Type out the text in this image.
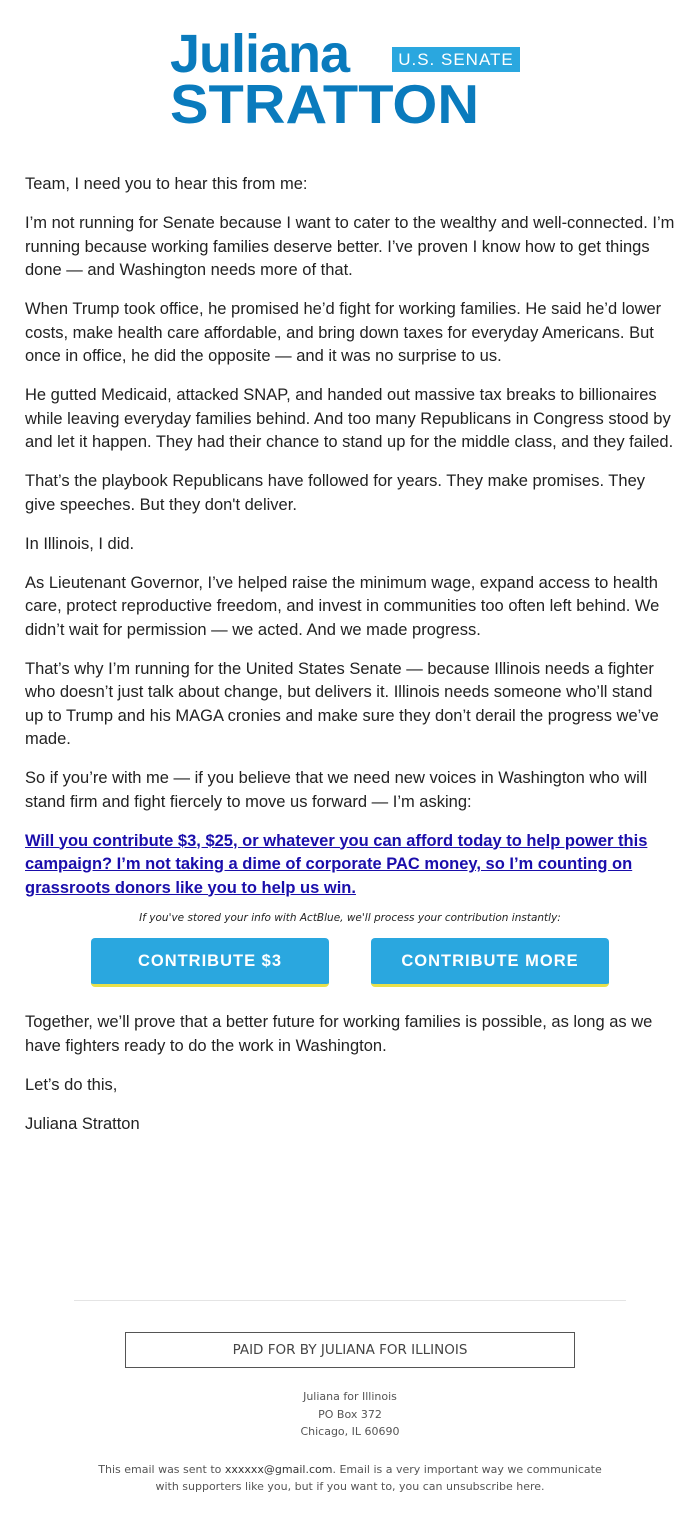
Juliana	U.S. SENATE
STRATTON

Team, I need you to hear this from me:

I’m not running for Senate because I want to cater to the wealthy and well-connected. I’m running because working families deserve better. I’ve proven I know how to get things done — and Washington needs more of that.

When Trump took office, he promised he’d fight for working families. He said he’d lower costs, make health care affordable, and bring down taxes for everyday Americans. But once in office, he did the opposite — and it was no surprise to us.

He gutted Medicaid, attacked SNAP, and handed out massive tax breaks to billionaires while leaving everyday families behind. And too many Republicans in Congress stood by and let it happen. They had their chance to stand up for the middle class, and they failed.

That’s the playbook Republicans have followed for years. They make promises. They give speeches. But they don't deliver.

In Illinois, I did.

As Lieutenant Governor, I’ve helped raise the minimum wage, expand access to health care, protect reproductive freedom, and invest in communities too often left behind. We didn’t wait for permission — we acted. And we made progress.

That’s why I’m running for the United States Senate — because Illinois needs a fighter who doesn’t just talk about change, but delivers it. Illinois needs someone who’ll stand up to Trump and his MAGA cronies and make sure they don’t derail the progress we’ve made.

So if you’re with me — if you believe that we need new voices in Washington who will stand firm and fight fiercely to move us forward — I’m asking:

Will you contribute $3, $25, or whatever you can afford today to help power this campaign? I’m not taking a dime of corporate PAC money, so I’m counting on grassroots donors like you to help us win.
If you've stored your info with ActBlue, we'll process your contribution instantly:
CONTRIBUTE $3	CONTRIBUTE MORE

Together, we’ll prove that a better future for working families is possible, as long as we have fighters ready to do the work in Washington.

Let’s do this,

Juliana Stratton

PAID FOR BY JULIANA FOR ILLINOIS
Juliana for Illinois
PO Box 372
Chicago, IL 60690
This email was sent to xxxxxx@gmail.com. Email is a very important way we communicate with supporters like you, but if you want to, you can unsubscribe here.
